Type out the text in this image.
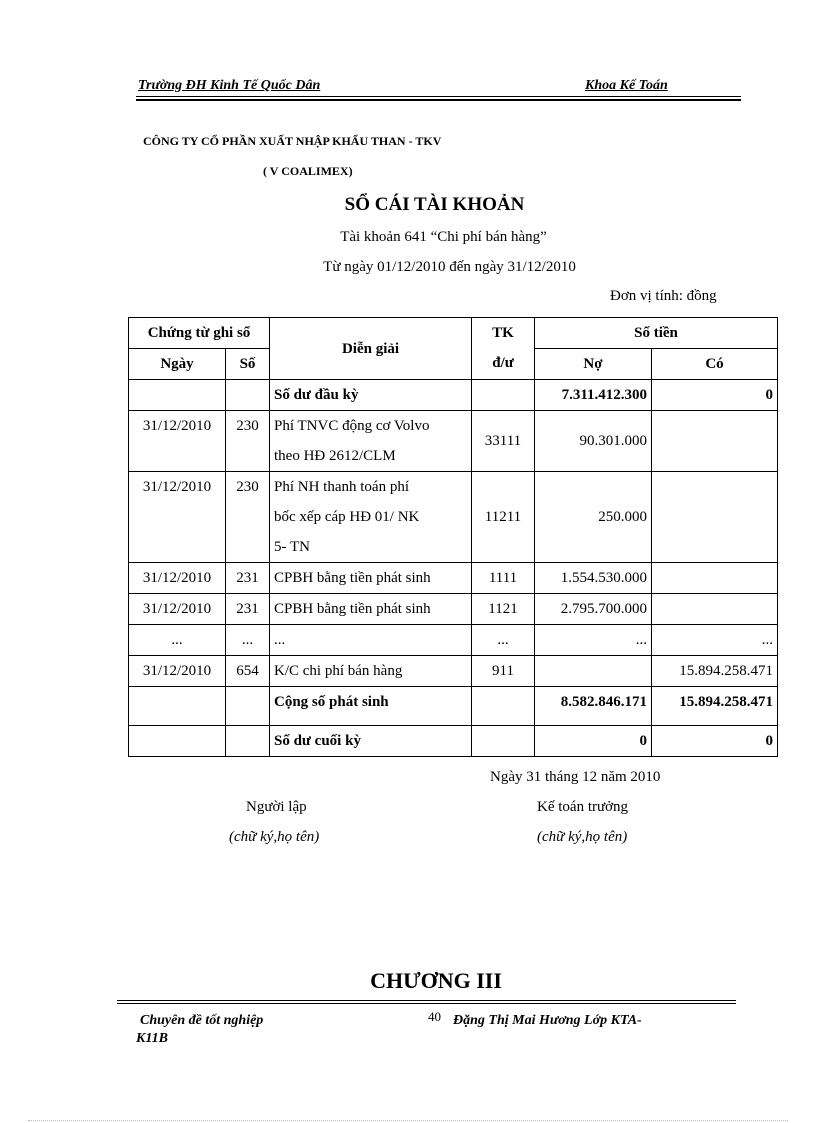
Trường ĐH Kinh Tế Quốc Dân	Khoa Kế Toán
CÔNG TY CỔ PHẦN XUẤT NHẬP KHẨU THAN - TKV
( V COALIMEX)
SỔ CÁI TÀI KHOẢN
Tài khoản 641 “Chi phí bán hàng”
Từ ngày 01/12/2010 đến ngày 31/12/2010
Đơn vị tính: đồng
Chứng từ ghi sổ		Diễn giải	TK
đ/ư	Số tiền	
Ngày	Số			Nợ	Có
		Số dư đầu kỳ		7.311.412.300	0
31/12/2010	230	Phí TNVC động cơ Volvo
theo HĐ 2612/CLM	33111	90.301.000	
31/12/2010	230	Phí NH thanh toán phí
bốc xếp cáp HĐ 01/ NK
5- TN	11211	250.000	
31/12/2010	231	CPBH bằng tiền phát sinh	1111	1.554.530.000	
31/12/2010	231	CPBH bằng tiền phát sinh	1121	2.795.700.000	
...	...	...	...	...	...
31/12/2010	654	K/C chi phí bán hàng	911		15.894.258.471
		Cộng số phát sinh		8.582.846.171	15.894.258.471
		Số dư cuối kỳ		0	0
Ngày 31 tháng 12 năm 2010
Người lập	Kế toán trưởng
(chữ ký,họ tên)	(chữ ký,họ tên)
CHƯƠNG III
Chuyên đề tốt nghiệp	40 Đặng Thị Mai Hương Lớp KTA-
K11B
